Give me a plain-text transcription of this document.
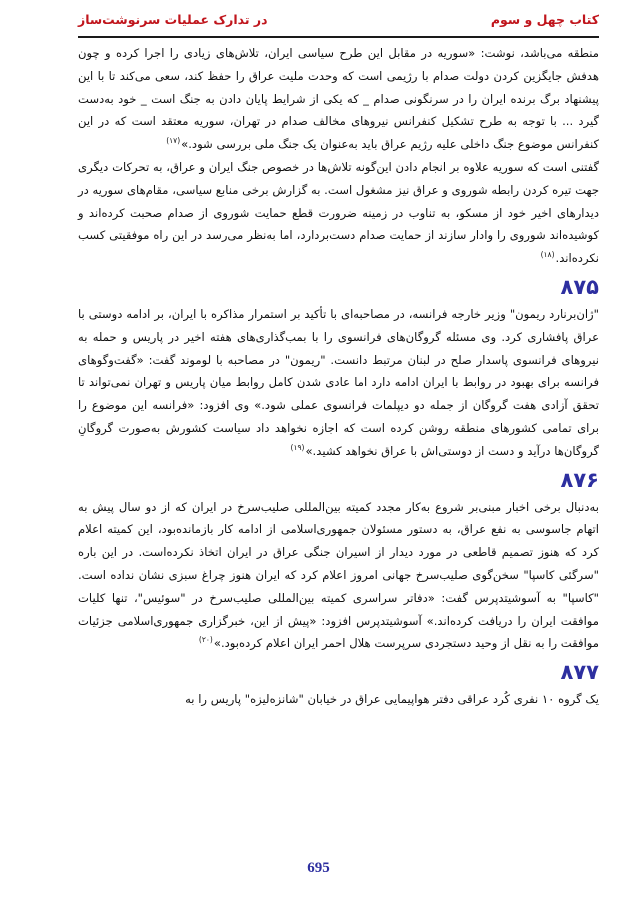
کتاب چهل و سوم
در تدارک عملیات سرنوشت‌ساز

منطقه می‌باشد، نوشت: «سوریه در مقابل این طرح سیاسی ایران، تلاش‌های زیادی را اجرا کرده و چون هدفش جایگزین کردن دولت صدام با رژیمی است که وحدت ملیت عراق را حفظ کند، سعی می‌کند تا با این پیشنهاد برگ برنده ایران را در سرنگونی صدام _ که یکی از شرایط پایان دادن به جنگ است _ خود به‌دست گیرد ... با توجه به طرح تشکیل کنفرانس نیروهای مخالف صدام در تهران، سوریه معتقد است که در این کنفرانس موضوع جنگ داخلی علیه رژیم عراق باید به‌عنوان یک جنگ ملی بررسی شود.»$^{(۱۷)}$

گفتنی است که سوریه علاوه بر انجام دادن این‌گونه تلاش‌ها در خصوص جنگ ایران و عراق، به تحرکات دیگری جهت تیره کردن رابطه شوروی و عراق نیز مشغول است. به گزارش برخی منابع سیاسی، مقام‌های سوریه در دیدارهای اخیر خود از مسکو، به تناوب در زمینه ضرورت قطع حمایت شوروی از صدام صحبت کرده‌اند و کوشیده‌اند شوروی را وادار سازند از حمایت صدام دست‌بردارد، اما به‌نظر می‌رسد در این راه موفقیتی کسب نکرده‌اند.$^{(۱۸)}$

۸۷۵

"ژان‌برنارد ریمون" وزیر خارجه فرانسه، در مصاحبه‌ای با تأکید بر استمرار مذاکره با ایران، بر ادامه دوستی با عراق پافشاری کرد. وی مسئله گروگان‌های فرانسوی را با بمب‌گذاری‌های هفته اخیر در پاریس و حمله به نیروهای فرانسوی پاسدار صلح در لبنان مرتبط دانست. "ریمون" در مصاحبه با لوموند گفت: «گفت‌وگوهای فرانسه برای بهبود در روابط با ایران ادامه دارد اما عادی شدن کامل روابط میان پاریس و تهران نمی‌تواند تا تحقق آزادی هفت گروگان از جمله دو دیپلمات فرانسوی عملی شود.» وی افزود: «فرانسه این موضوع را برای تمامی کشورهای منطقه روشن کرده است که اجازه نخواهد داد سیاست کشورش به‌صورت گروگانِ گروگان‌ها درآید و دست از دوستی‌اش با عراق نخواهد کشید.»$^{(۱۹)}$

۸۷۶

به‌دنبال برخی اخبار مبنی‌بر شروع به‌کار مجدد کمیته بین‌المللی صلیب‌سرخ در ایران که از دو سال پیش به اتهام جاسوسی به نفع عراق، به دستور مسئولان جمهوری‌اسلامی از ادامه کار بازمانده‌بود، این کمیته اعلام کرد که هنوز تصمیم قاطعی در مورد دیدار از اسیران جنگی عراق در ایران اتخاذ نکرده‌است. در این باره "سرگئی کاسپا" سخن‌گوی صلیب‌سرخ جهانی امروز اعلام کرد که ایران هنوز چراغ سبزی نشان نداده است. "کاسپا" به آسوشیتدپرس گفت: «دفاتر سراسری کمیته بین‌المللی صلیب‌سرخ در "سوئیس"، تنها کلیات موافقت ایران را دریافت کرده‌اند.» آسوشیتدپرس افزود: «پیش از این، خبرگزاری جمهوری‌اسلامی جزئیات موافقت را به نقل از وحید دستجردی سرپرست هلال احمر ایران اعلام کرده‌بود.»$^{(۲۰)}$

۸۷۷

یک گروه ۱۰ نفری کُرد عراقی دفتر هواپیمایی عراق در خیابان "شانزه‌لیزه" پاریس را به

695
